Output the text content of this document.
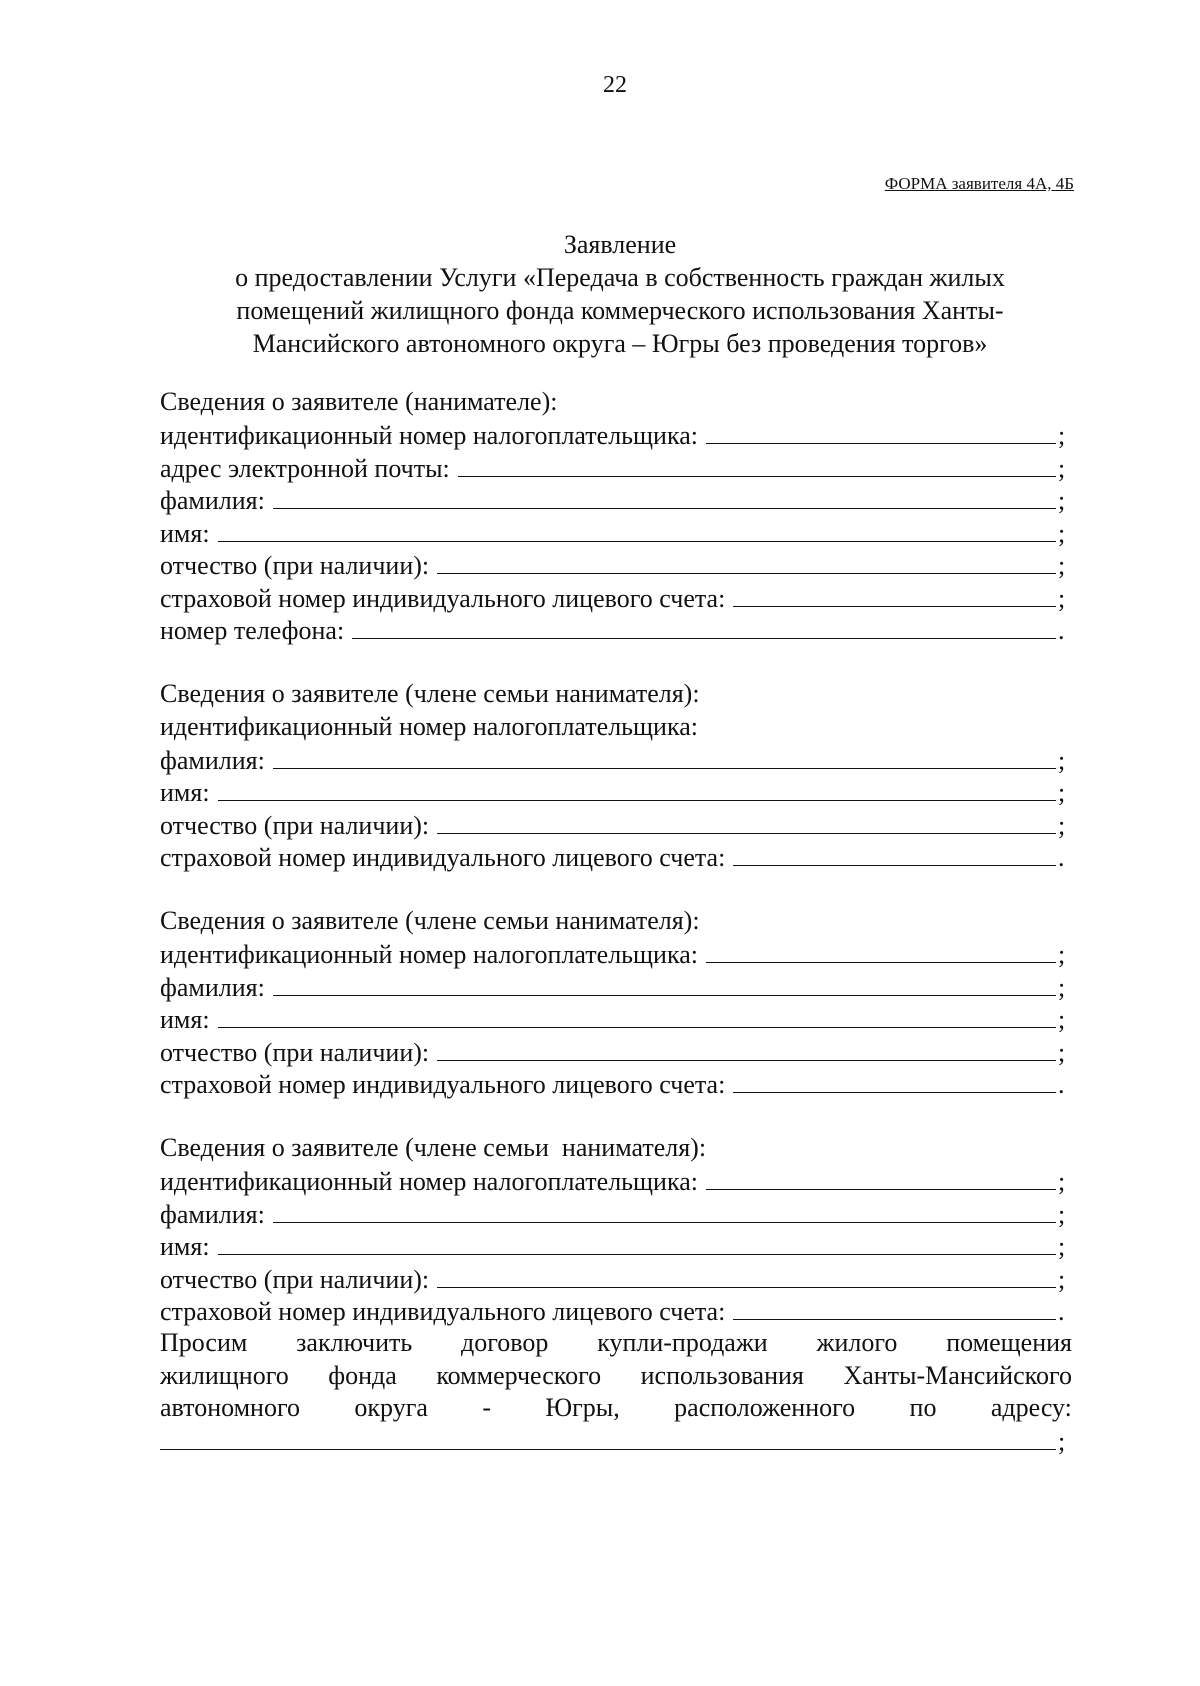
22
ФОРМА заявителя 4А, 4Б
Заявление
о предоставлении Услуги «Передача в собственность граждан жилых
помещений жилищного фонда коммерческого использования Ханты-
Мансийского автономного округа – Югры без проведения торгов»
Сведения о заявителе (нанимателе):
идентификационный номер налогоплательщика:	;
адрес электронной почты:	;
фамилия:	;
имя:	;
отчество (при наличии):	;
страховой номер индивидуального лицевого счета:	;
номер телефона:	.
Сведения о заявителе (члене семьи нанимателя):
идентификационный номер налогоплательщика:
фамилия:	;
имя:	;
отчество (при наличии):	;
страховой номер индивидуального лицевого счета:	.
Сведения о заявителе (члене семьи нанимателя):
идентификационный номер налогоплательщика:	;
фамилия:	;
имя:	;
отчество (при наличии):	;
страховой номер индивидуального лицевого счета:	.
Сведения о заявителе (члене семьи  нанимателя):
идентификационный номер налогоплательщика:	;
фамилия:	;
имя:	;
отчество (при наличии):	;
страховой номер индивидуального лицевого счета:	.
Просим заключить договор купли-продажи жилого помещения
жилищного фонда коммерческого использования Ханты-Мансийского
автономного округа - Югры, расположенного по адресу:
;
